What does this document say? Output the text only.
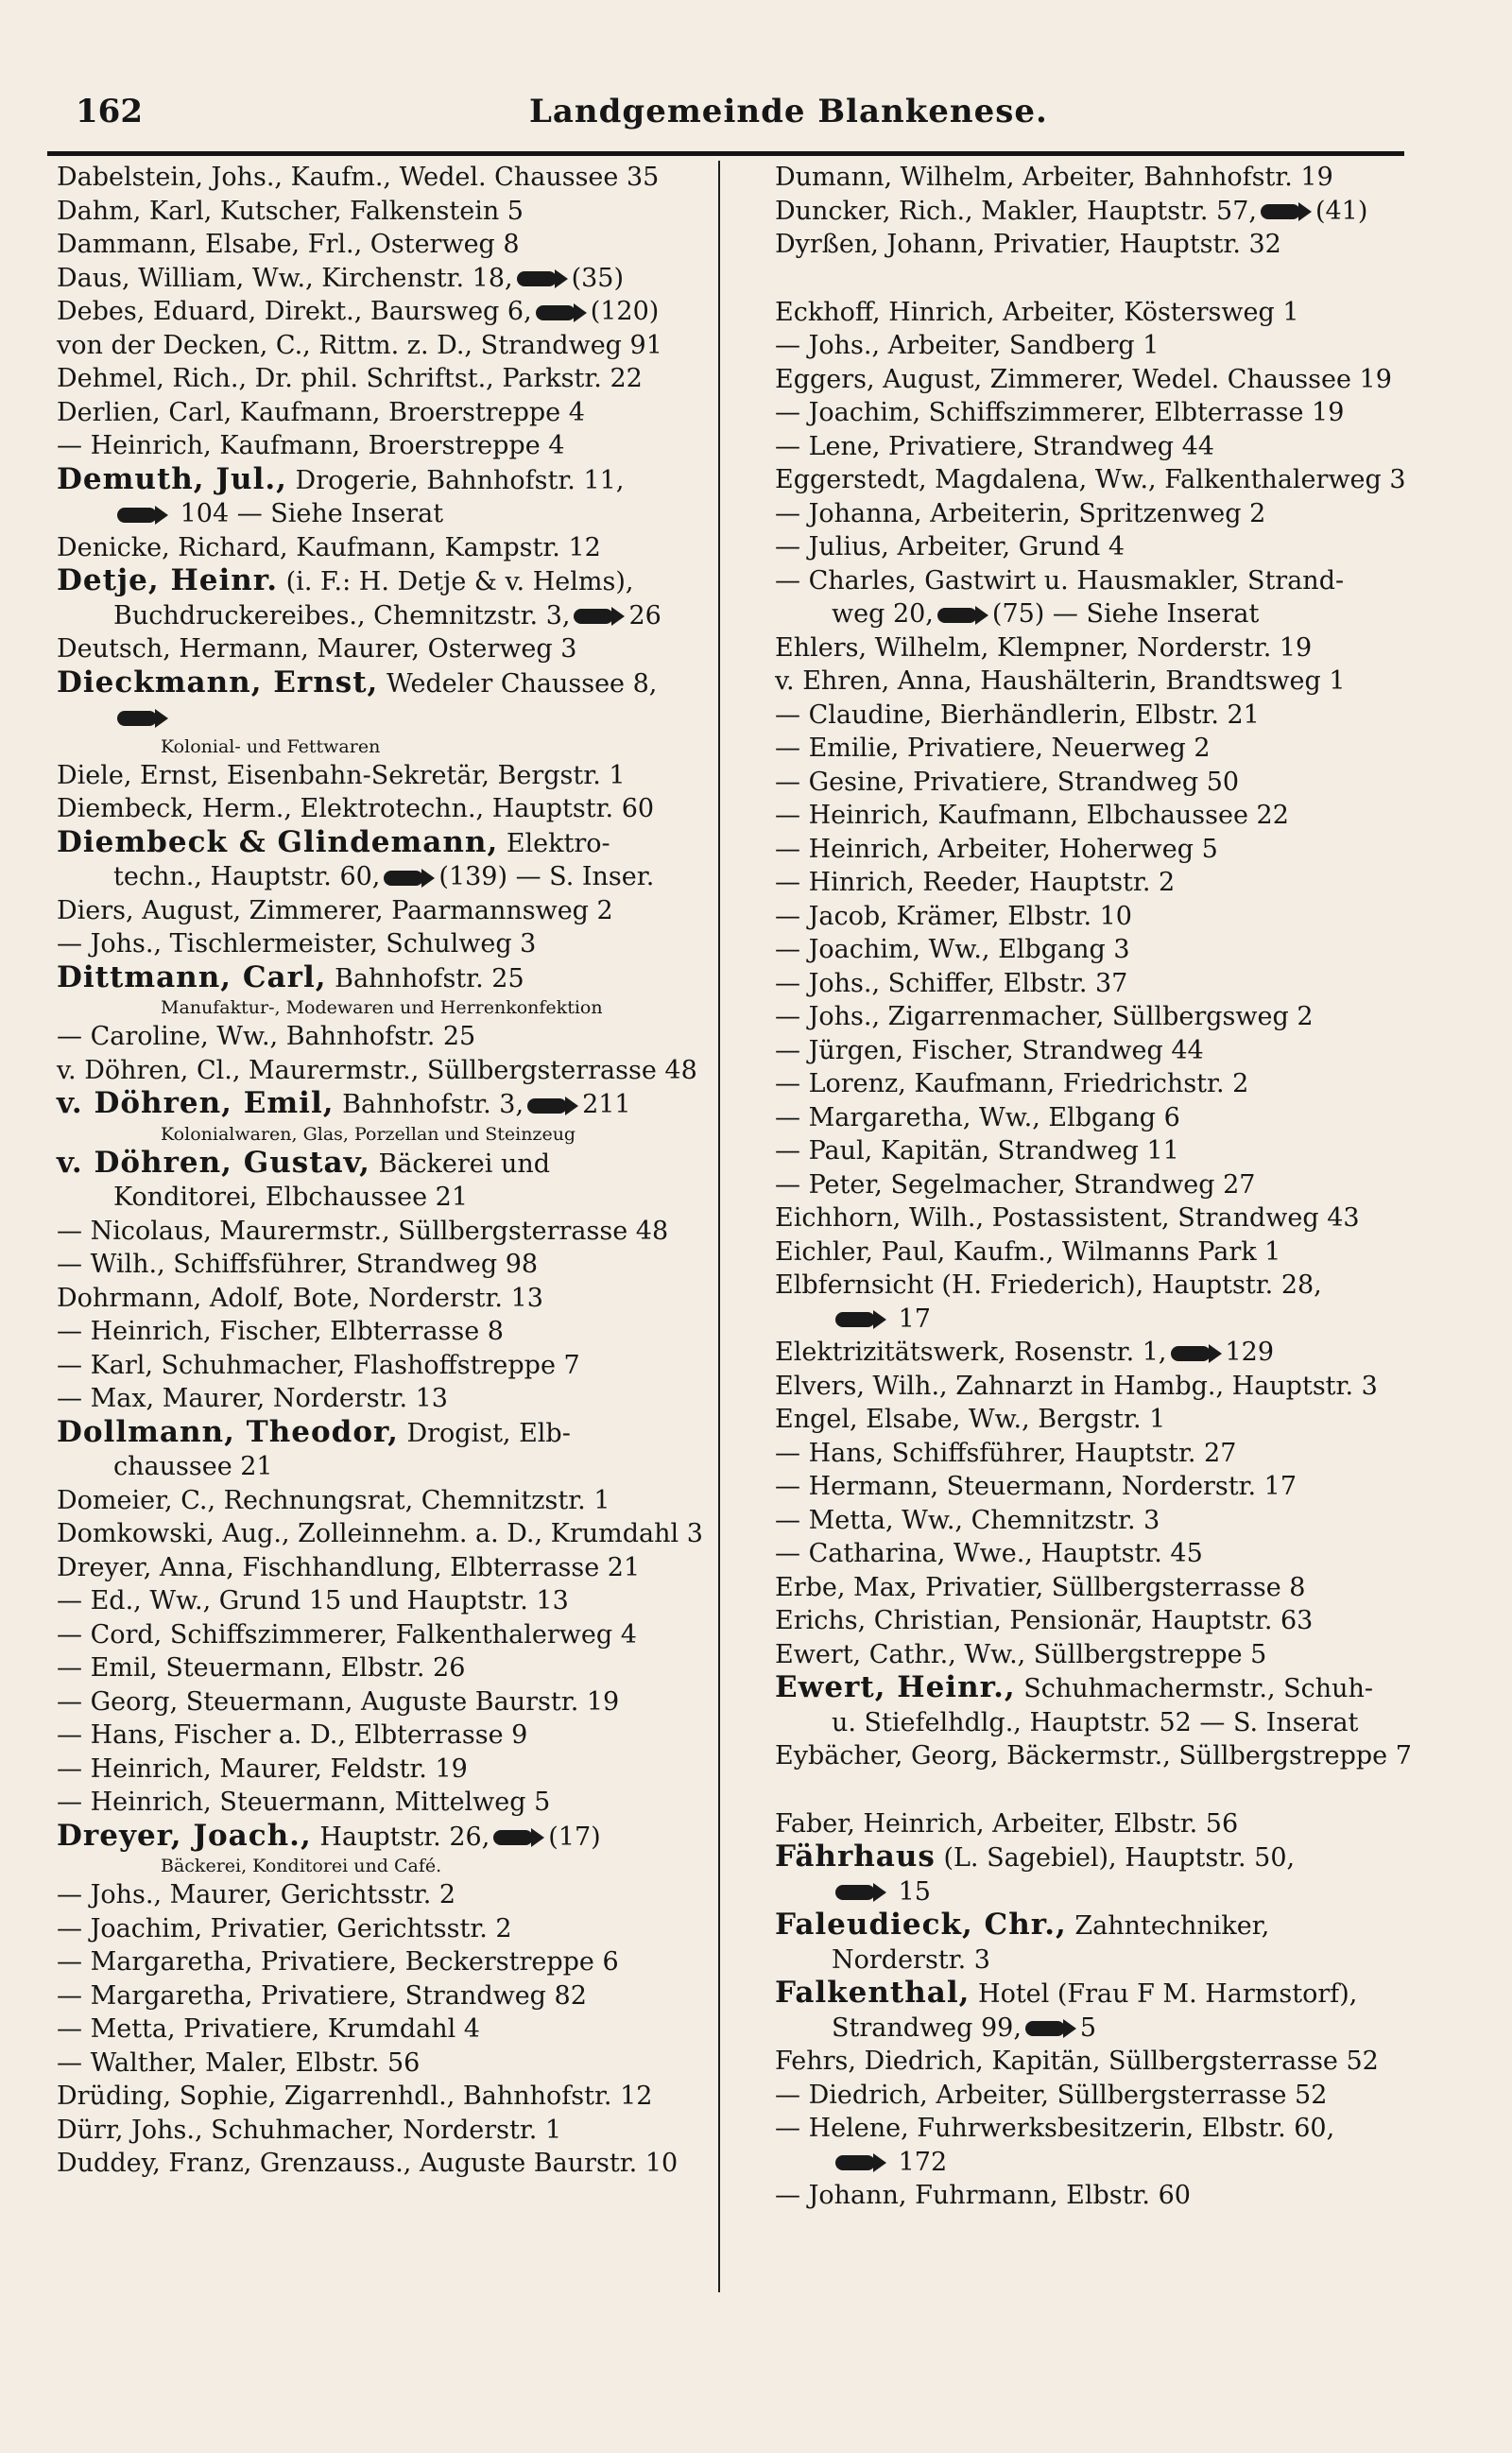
162	Landgemeinde Blankenese.
Dabelstein, Johs., Kaufm., Wedel. Chaussee 35
Dahm, Karl, Kutscher, Falkenstein 5
Dammann, Elsabe, Frl., Osterweg 8
Daus, William, Ww., Kirchenstr. 18, (35)
Debes, Eduard, Direkt., Baursweg 6, (120)
von der Decken, C., Rittm. z. D., Strandweg 91
Dehmel, Rich., Dr. phil. Schriftst., Parkstr. 22
Derlien, Carl, Kaufmann, Broerstreppe 4
— Heinrich, Kaufmann, Broerstreppe 4
Demuth, Jul., Drogerie, Bahnhofstr. 11,
104 — Siehe Inserat
Denicke, Richard, Kaufmann, Kampstr. 12
Detje, Heinr. (i. F.: H. Detje & v. Helms),
Buchdruckereibes., Chemnitzstr. 3, 26
Deutsch, Hermann, Maurer, Osterweg 3
Dieckmann, Ernst, Wedeler Chaussee 8,
Kolonial- und Fettwaren
Diele, Ernst, Eisenbahn-Sekretär, Bergstr. 1
Diembeck, Herm., Elektrotechn., Hauptstr. 60
Diembeck & Glindemann, Elektro-
techn., Hauptstr. 60, (139) — S. Inser.
Diers, August, Zimmerer, Paarmannsweg 2
— Johs., Tischlermeister, Schulweg 3
Dittmann, Carl, Bahnhofstr. 25
Manufaktur-, Modewaren und Herrenkonfektion
— Caroline, Ww., Bahnhofstr. 25
v. Döhren, Cl., Maurermstr., Süllbergsterrasse 48
v. Döhren, Emil, Bahnhofstr. 3, 211
Kolonialwaren, Glas, Porzellan und Steinzeug
v. Döhren, Gustav, Bäckerei und
Konditorei, Elbchaussee 21
— Nicolaus, Maurermstr., Süllbergsterrasse 48
— Wilh., Schiffsführer, Strandweg 98
Dohrmann, Adolf, Bote, Norderstr. 13
— Heinrich, Fischer, Elbterrasse 8
— Karl, Schuhmacher, Flashoffstreppe 7
— Max, Maurer, Norderstr. 13
Dollmann, Theodor, Drogist, Elb-
chaussee 21
Domeier, C., Rechnungsrat, Chemnitzstr. 1
Domkowski, Aug., Zolleinnehm. a. D., Krumdahl 3
Dreyer, Anna, Fischhandlung, Elbterrasse 21
— Ed., Ww., Grund 15 und Hauptstr. 13
— Cord, Schiffszimmerer, Falkenthalerweg 4
— Emil, Steuermann, Elbstr. 26
— Georg, Steuermann, Auguste Baurstr. 19
— Hans, Fischer a. D., Elbterrasse 9
— Heinrich, Maurer, Feldstr. 19
— Heinrich, Steuermann, Mittelweg 5
Dreyer, Joach., Hauptstr. 26, (17)
Bäckerei, Konditorei und Café.
— Johs., Maurer, Gerichtsstr. 2
— Joachim, Privatier, Gerichtsstr. 2
— Margaretha, Privatiere, Beckerstreppe 6
— Margaretha, Privatiere, Strandweg 82
— Metta, Privatiere, Krumdahl 4
— Walther, Maler, Elbstr. 56
Drüding, Sophie, Zigarrenhdl., Bahnhofstr. 12
Dürr, Johs., Schuhmacher, Norderstr. 1
Duddey, Franz, Grenzauss., Auguste Baurstr. 10
Dumann, Wilhelm, Arbeiter, Bahnhofstr. 19
Duncker, Rich., Makler, Hauptstr. 57, (41)
Dyrßen, Johann, Privatier, Hauptstr. 32
Eckhoff, Hinrich, Arbeiter, Köstersweg 1
— Johs., Arbeiter, Sandberg 1
Eggers, August, Zimmerer, Wedel. Chaussee 19
— Joachim, Schiffszimmerer, Elbterrasse 19
— Lene, Privatiere, Strandweg 44
Eggerstedt, Magdalena, Ww., Falkenthalerweg 3
— Johanna, Arbeiterin, Spritzenweg 2
— Julius, Arbeiter, Grund 4
— Charles, Gastwirt u. Hausmakler, Strand-
weg 20, (75) — Siehe Inserat
Ehlers, Wilhelm, Klempner, Norderstr. 19
v. Ehren, Anna, Haushälterin, Brandtsweg 1
— Claudine, Bierhändlerin, Elbstr. 21
— Emilie, Privatiere, Neuerweg 2
— Gesine, Privatiere, Strandweg 50
— Heinrich, Kaufmann, Elbchaussee 22
— Heinrich, Arbeiter, Hoherweg 5
— Hinrich, Reeder, Hauptstr. 2
— Jacob, Krämer, Elbstr. 10
— Joachim, Ww., Elbgang 3
— Johs., Schiffer, Elbstr. 37
— Johs., Zigarrenmacher, Süllbergsweg 2
— Jürgen, Fischer, Strandweg 44
— Lorenz, Kaufmann, Friedrichstr. 2
— Margaretha, Ww., Elbgang 6
— Paul, Kapitän, Strandweg 11
— Peter, Segelmacher, Strandweg 27
Eichhorn, Wilh., Postassistent, Strandweg 43
Eichler, Paul, Kaufm., Wilmanns Park 1
Elbfernsicht (H. Friederich), Hauptstr. 28,
17
Elektrizitätswerk, Rosenstr. 1, 129
Elvers, Wilh., Zahnarzt in Hambg., Hauptstr. 3
Engel, Elsabe, Ww., Bergstr. 1
— Hans, Schiffsführer, Hauptstr. 27
— Hermann, Steuermann, Norderstr. 17
— Metta, Ww., Chemnitzstr. 3
— Catharina, Wwe., Hauptstr. 45
Erbe, Max, Privatier, Süllbergsterrasse 8
Erichs, Christian, Pensionär, Hauptstr. 63
Ewert, Cathr., Ww., Süllbergstreppe 5
Ewert, Heinr., Schuhmachermstr., Schuh-
u. Stiefelhdlg., Hauptstr. 52 — S. Inserat
Eybächer, Georg, Bäckermstr., Süllbergstreppe 7
Faber, Heinrich, Arbeiter, Elbstr. 56
Fährhaus (L. Sagebiel), Hauptstr. 50,
15
Faleudieck, Chr., Zahntechniker,
Norderstr. 3
Falkenthal, Hotel (Frau F M. Harmstorf),
Strandweg 99, 5
Fehrs, Diedrich, Kapitän, Süllbergsterrasse 52
— Diedrich, Arbeiter, Süllbergsterrasse 52
— Helene, Fuhrwerksbesitzerin, Elbstr. 60,
172
— Johann, Fuhrmann, Elbstr. 60
